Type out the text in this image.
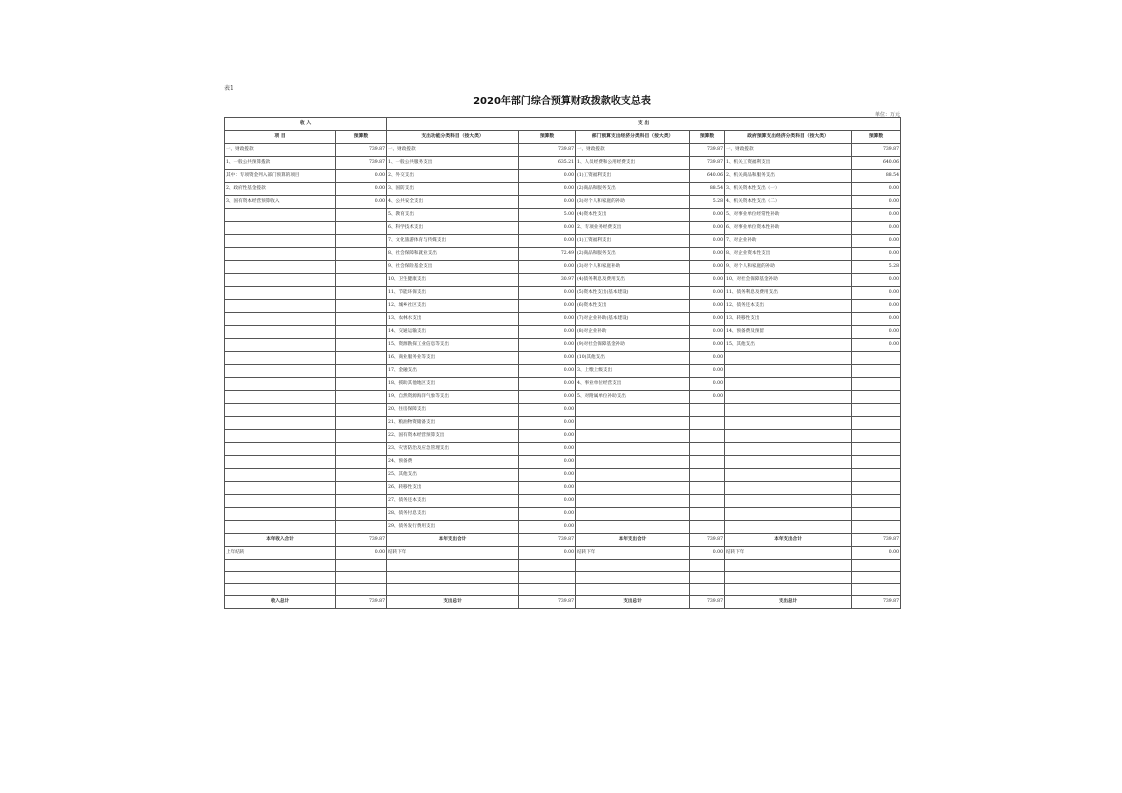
表1
2020年部门综合预算财政拨款收支总表
单位：万元
收 入		支 出					
项 目	预算数	支出功能分类科目（按大类）	预算数	部门预算支出经济分类科目（按大类）	预算数	政府预算支出经济分类科目（按大类）	预算数
一、财政拨款	739.87	一、财政拨款	739.87	一、财政拨款	739.87	一、财政拨款	739.87
1、一般公共预算拨款	739.87	1、一般公共服务支出	635.21	1、人员经费和公用经费支出	739.87	1、机关工资福利支出	640.06
其中：专项资金列入部门预算的项目	0.00	2、外交支出	0.00	(1)工资福利支出	640.06	2、机关商品和服务支出	88.54
2、政府性基金拨款	0.00	3、国防支出	0.00	(2)商品和服务支出	88.54	3、机关资本性支出（一）	0.00
3、国有资本经营预算收入	0.00	4、公共安全支出	0.00	(3)对个人和家庭的补助	5.28	4、机关资本性支出（二）	0.00
		5、教育支出	5.00	(4)资本性支出	0.00	5、对事业单位经常性补助	0.00
		6、科学技术支出	0.00	2、专项业务经费支出	0.00	6、对事业单位资本性补助	0.00
		7、文化旅游体育与传媒支出	0.00	(1)工资福利支出	0.00	7、对企业补助	0.00
		8、社会保障和就业支出	72.49	(2)商品和服务支出	0.00	8、对企业资本性支出	0.00
		9、社会保险基金支出	0.00	(3)对个人和家庭补助	0.00	9、对个人和家庭的补助	5.28
		10、卫生健康支出	30.97	(4)债务利息及费用支出	0.00	10、对社会保障基金补助	0.00
		11、节能环保支出	0.00	(5)资本性支出(基本建设)	0.00	11、债务利息及费用支出	0.00
		12、城乡社区支出	0.00	(6)资本性支出	0.00	12、债务还本支出	0.00
		13、农林水支出	0.00	(7)对企业补助(基本建设)	0.00	13、转移性支出	0.00
		14、交通运输支出	0.00	(8)对企业补助	0.00	14、预备费及预留	0.00
		15、资源勘探工业信息等支出	0.00	(9)对社会保障基金补助	0.00	15、其他支出	0.00
		16、商业服务业等支出	0.00	(10)其他支出	0.00		
		17、金融支出	0.00	3、上缴上级支出	0.00		
		18、援助其他地区支出	0.00	4、事业单位经营支出	0.00		
		19、自然资源海洋气象等支出	0.00	5、对附属单位补助支出	0.00		
		20、住房保障支出	0.00				
		21、粮油物资储备支出	0.00				
		22、国有资本经营预算支出	0.00				
		23、灾害防治及应急管理支出	0.00				
		24、预备费	0.00				
		25、其他支出	0.00				
		26、转移性支出	0.00				
		27、债务还本支出	0.00				
		28、债务付息支出	0.00				
		29、债务发行费用支出	0.00				
本年收入合计	739.87	本年支出合计	739.87	本年支出合计	739.87	本年支出合计	739.87
上年结转	0.00	结转下年	0.00	结转下年	0.00	结转下年	0.00

收入总计	739.87	支出总计	739.87	支出总计	739.87	支出总计	739.87
